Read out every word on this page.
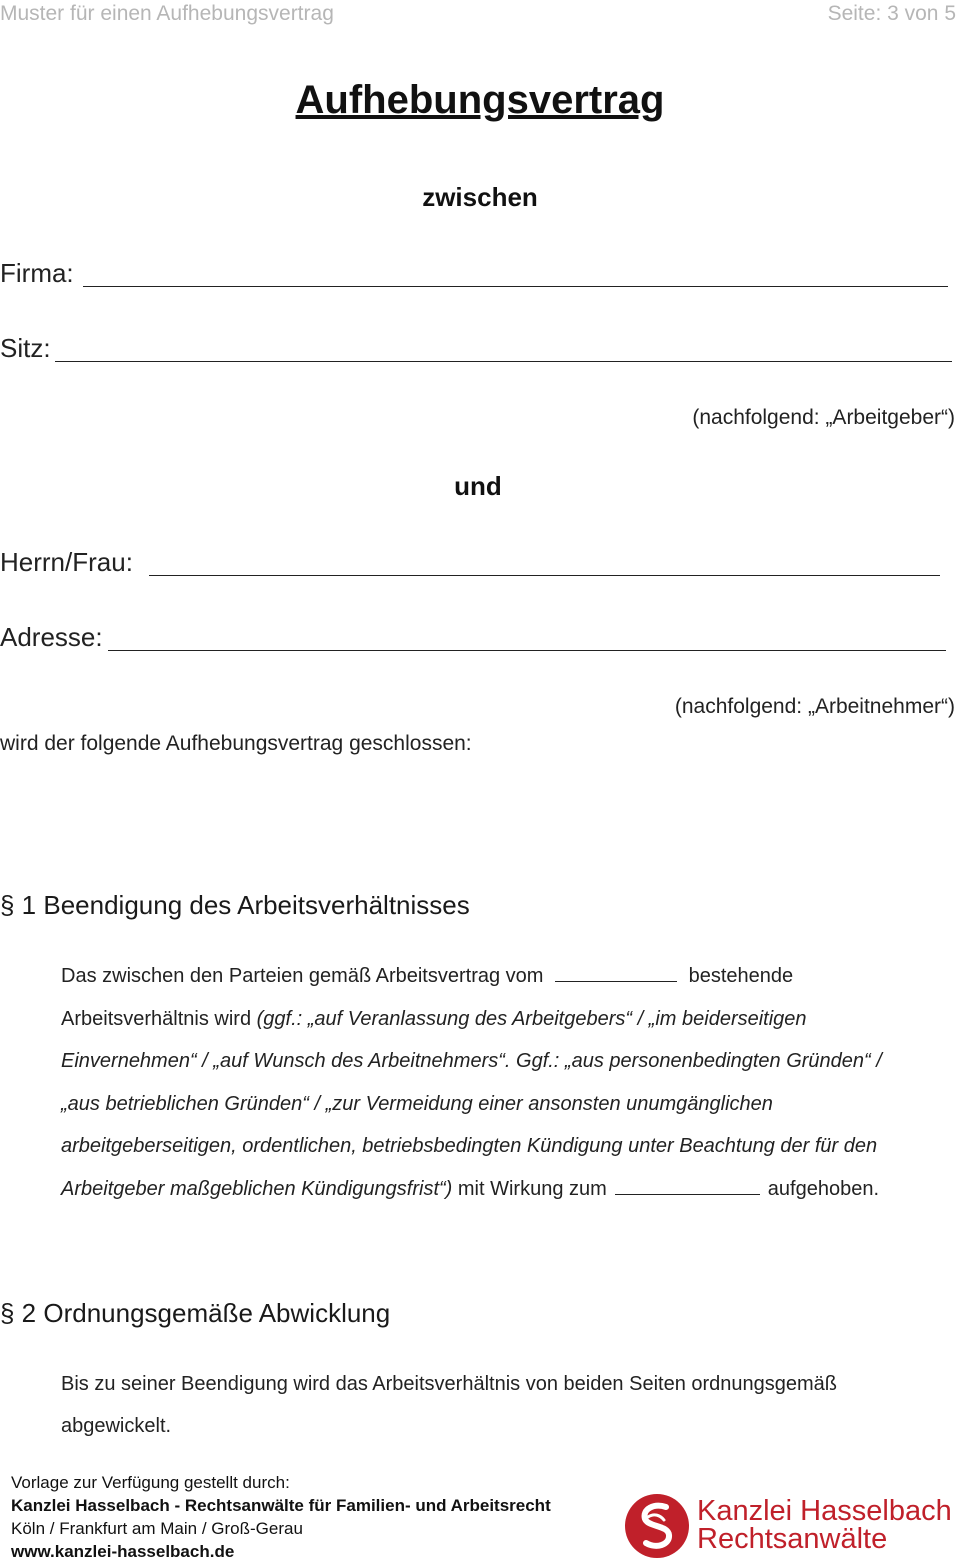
Muster für einen Aufhebungsvertrag	Seite: 3 von 5
Aufhebungsvertrag
zwischen
Firma:
Sitz:
(nachfolgend: „Arbeitgeber“)
und
Herrn/Frau:
Adresse:
(nachfolgend: „Arbeitnehmer“)
wird der folgende Aufhebungsvertrag geschlossen:
§ 1 Beendigung des Arbeitsverhältnisses
Das zwischen den Parteien gemäß Arbeitsvertrag vom	bestehende
Arbeitsverhältnis wird (ggf.: „auf Veranlassung des Arbeitgebers“ / „im beiderseitigen
Einvernehmen“ / „auf Wunsch des Arbeitnehmers“. Ggf.: „aus personenbedingten Gründen“ /
„aus betrieblichen Gründen“ / „zur Vermeidung einer ansonsten unumgänglichen
arbeitgeberseitigen, ordentlichen, betriebsbedingten Kündigung unter Beachtung der für den
Arbeitgeber maßgeblichen Kündigungsfrist“) mit Wirkung zum	aufgehoben.
§ 2 Ordnungsgemäße Abwicklung
Bis zu seiner Beendigung wird das Arbeitsverhältnis von beiden Seiten ordnungsgemäß
abgewickelt.
Vorlage zur Verfügung gestellt durch:
Kanzlei Hasselbach - Rechtsanwälte für Familien- und Arbeitsrecht
Köln / Frankfurt am Main / Groß-Gerau
www.kanzlei-hasselbach.de
Kanzlei Hasselbach
Rechtsanwälte
